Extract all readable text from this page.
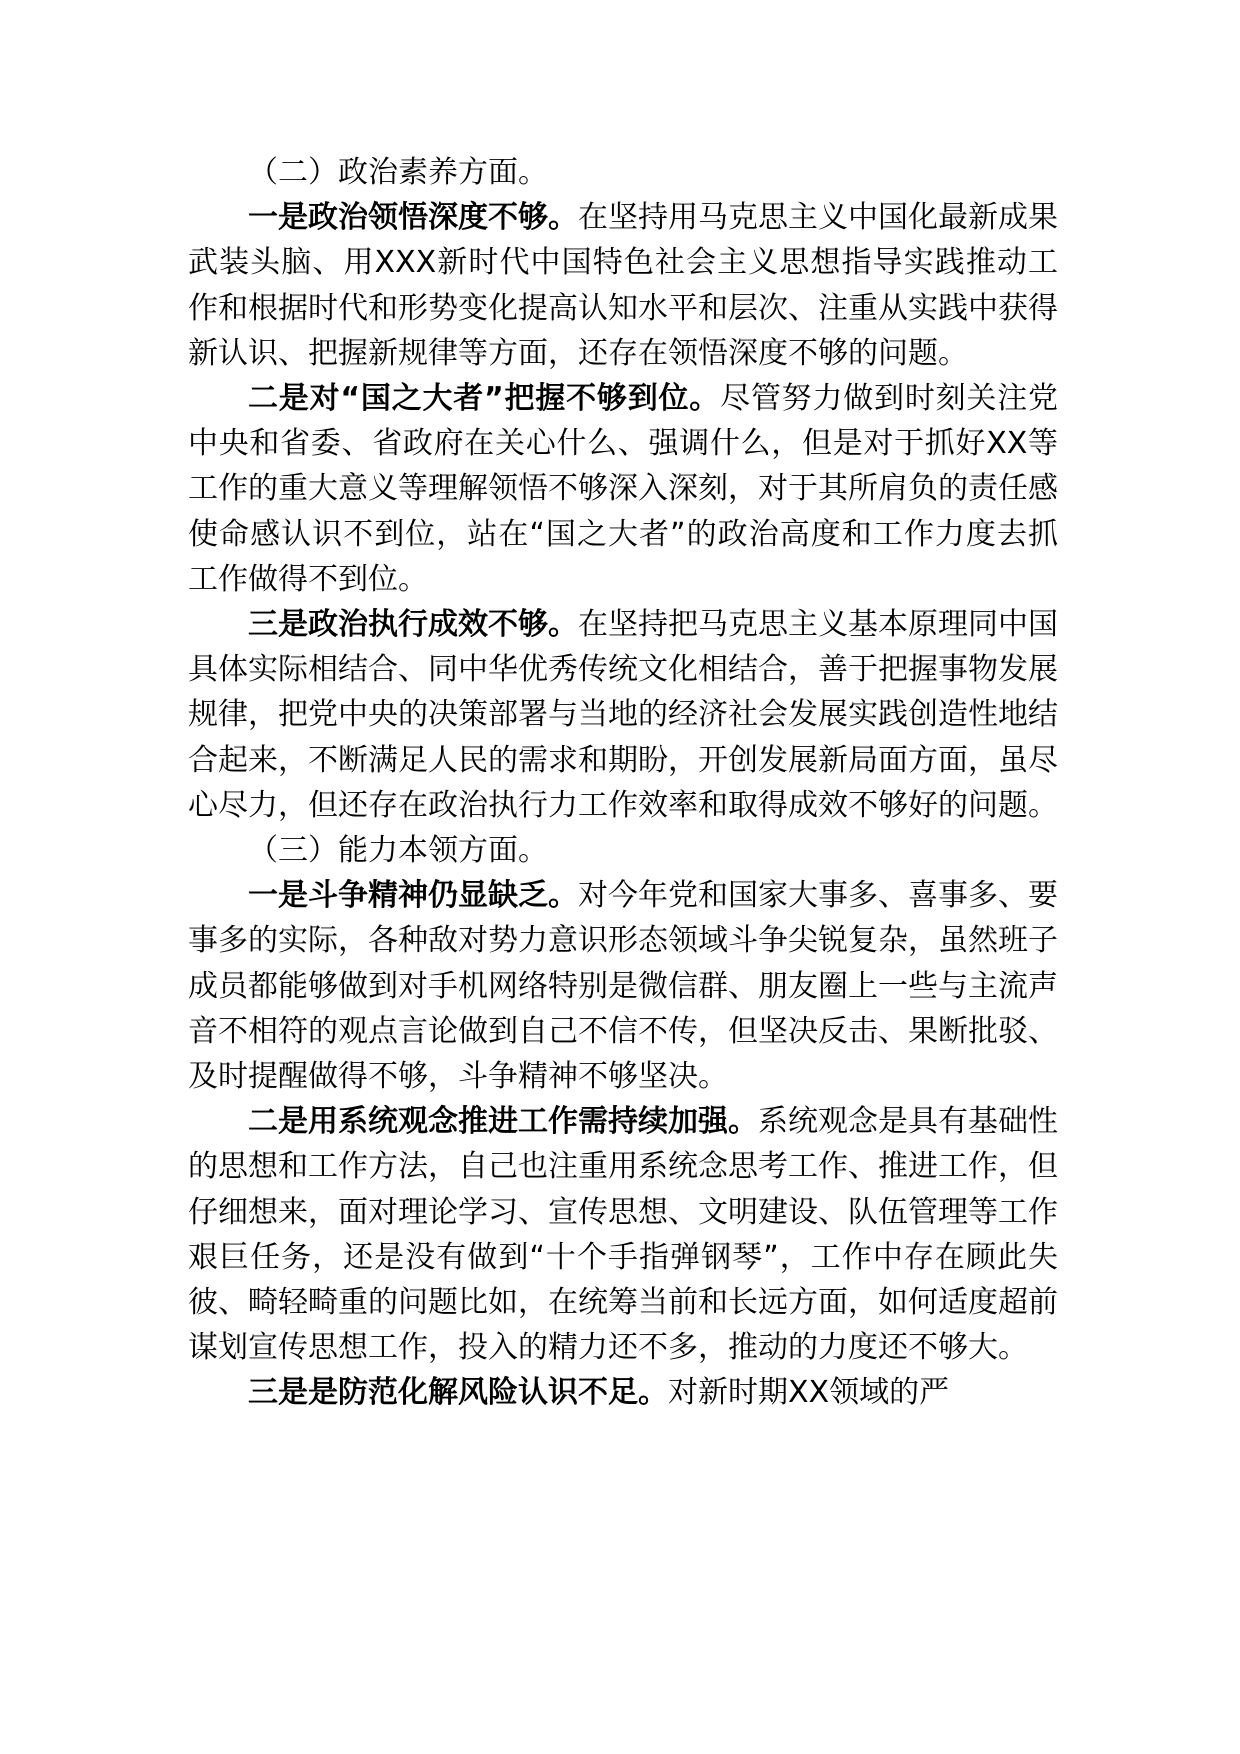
（二）政治素养方面。

一是政治领悟深度不够。在坚持用马克思主义中国化最新成果武装头脑、用XXX新时代中国特色社会主义思想指导实践推动工作和根据时代和形势变化提高认知水平和层次、注重从实践中获得新认识、把握新规律等方面，还存在领悟深度不够的问题。

二是对“国之大者”把握不够到位。尽管努力做到时刻关注党中央和省委、省政府在关心什么、强调什么，但是对于抓好XX等工作的重大意义等理解领悟不够深入深刻，对于其所肩负的责任感使命感认识不到位，站在“国之大者”的政治高度和工作力度去抓工作做得不到位。

三是政治执行成效不够。在坚持把马克思主义基本原理同中国具体实际相结合、同中华优秀传统文化相结合，善于把握事物发展规律，把党中央的决策部署与当地的经济社会发展实践创造性地结合起来，不断满足人民的需求和期盼，开创发展新局面方面，虽尽心尽力，但还存在政治执行力工作效率和取得成效不够好的问题。

（三）能力本领方面。

一是斗争精神仍显缺乏。对今年党和国家大事多、喜事多、要事多的实际，各种敌对势力意识形态领域斗争尖锐复杂，虽然班子成员都能够做到对手机网络特别是微信群、朋友圈上一些与主流声音不相符的观点言论做到自己不信不传，但坚决反击、果断批驳、及时提醒做得不够，斗争精神不够坚决。

二是用系统观念推进工作需持续加强。系统观念是具有基础性的思想和工作方法，自己也注重用系统念思考工作、推进工作，但仔细想来，面对理论学习、宣传思想、文明建设、队伍管理等工作艰巨任务，还是没有做到“十个手指弹钢琴”，工作中存在顾此失彼、畸轻畸重的问题比如，在统筹当前和长远方面，如何适度超前谋划宣传思想工作，投入的精力还不多，推动的力度还不够大。

三是是防范化解风险认识不足。对新时期XX领域的严
